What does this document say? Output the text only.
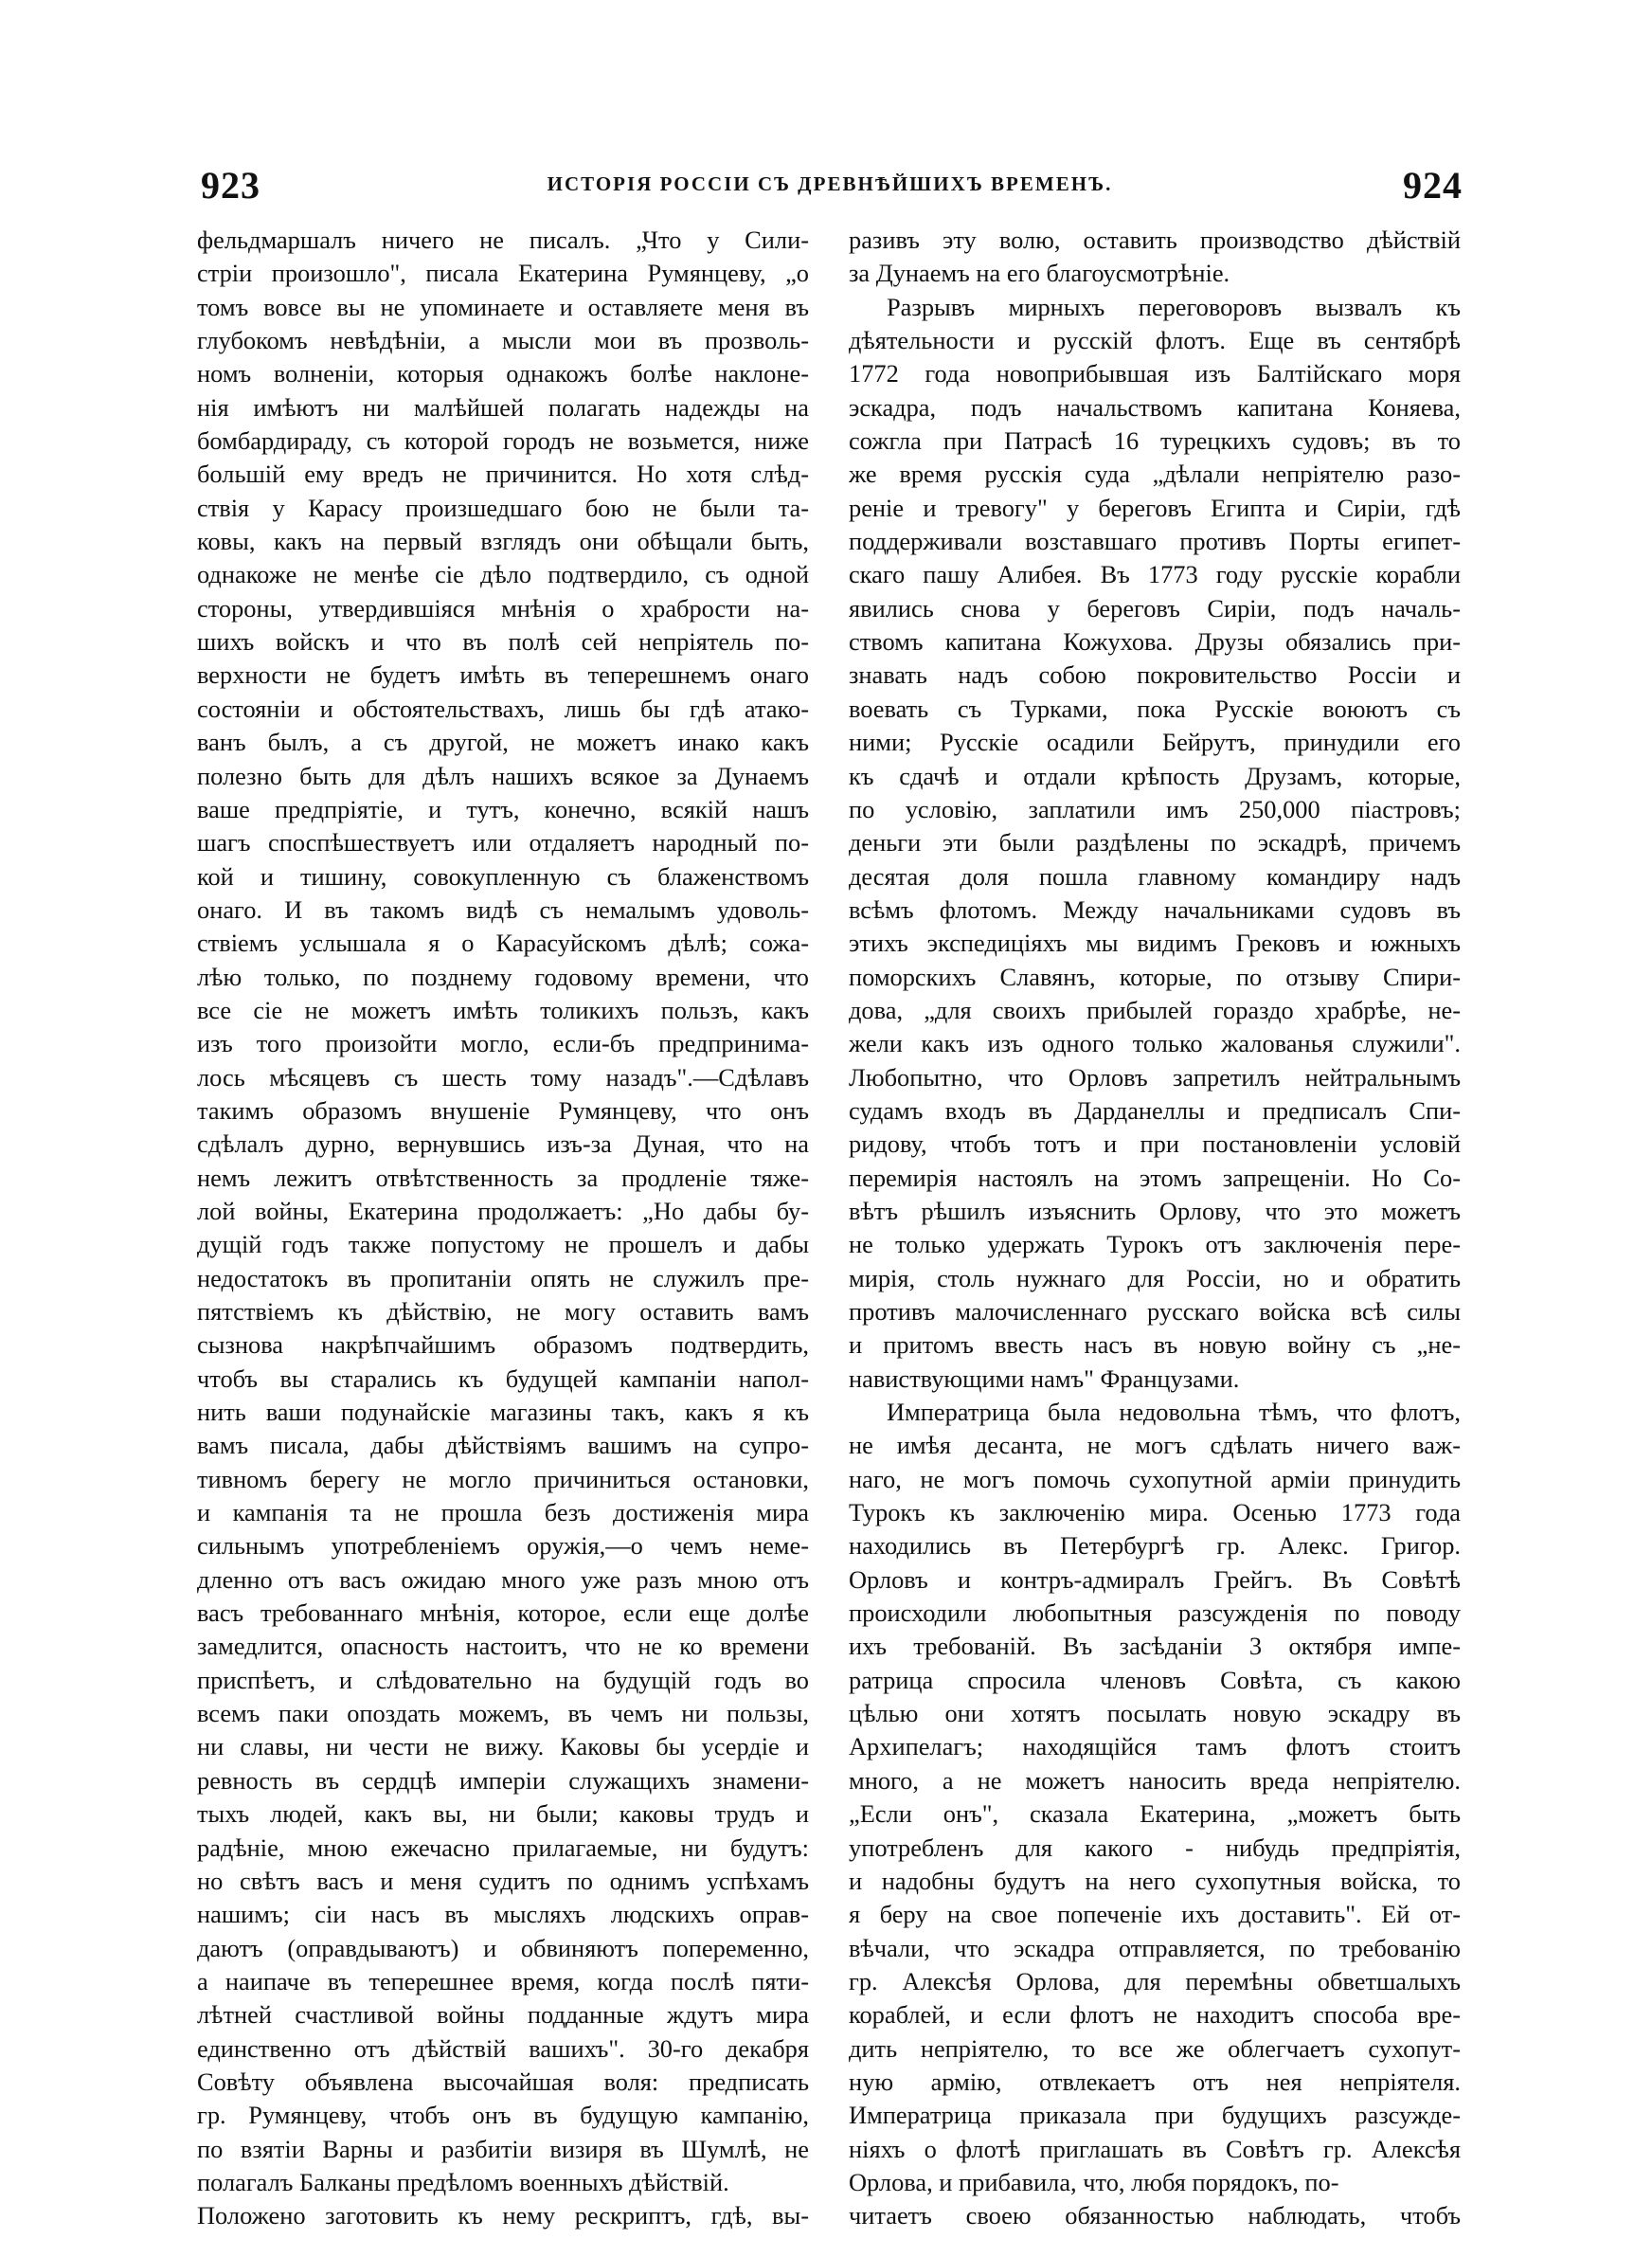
923	ИСТОРІЯ РОССІИ СЪ ДРЕВНѢЙШИХЪ ВРЕМЕНЪ.	924
фельдмаршалъ ничего не писалъ. „Что у Сили-
стріи произошло", писала Екатерина Румянцеву, „о
томъ вовсе вы не упоминаете и оставляете меня въ
глубокомъ невѣдѣніи, а мысли мои въ прозволь-
номъ волненіи, которыя однакожъ болѣе наклоне-
нія имѣютъ ни малѣйшей полагать надежды на
бомбардираду, съ которой городъ не возьмется, ниже
большій ему вредъ не причинится. Но хотя слѣд-
ствія у Карасу произшедшаго бою не были та-
ковы, какъ на первый взглядъ они обѣщали быть,
однакоже не менѣе сіе дѣло подтвердило, съ одной
стороны, утвердившіяся мнѣнія о храбрости на-
шихъ войскъ и что въ полѣ сей непріятель по-
верхности не будетъ имѣть въ теперешнемъ онаго
состояніи и обстоятельствахъ, лишь бы гдѣ атако-
ванъ былъ, а съ другой, не можетъ инако какъ
полезно быть для дѣлъ нашихъ всякое за Дунаемъ
ваше предпріятіе, и тутъ, конечно, всякій нашъ
шагъ споспѣшествуетъ или отдаляетъ народный по-
кой и тишину, совокупленную съ блаженствомъ
онаго. И въ такомъ видѣ съ немалымъ удоволь-
ствіемъ услышала я о Карасуйскомъ дѣлѣ; сожа-
лѣю только, по позднему годовому времени, что
все сіе не можетъ имѣть толикихъ пользъ, какъ
изъ того произойти могло, если-бъ предпринима-
лось мѣсяцевъ съ шесть тому назадъ".—Сдѣлавъ
такимъ образомъ внушеніе Румянцеву, что онъ
сдѣлалъ дурно, вернувшись изъ-за Дуная, что на
немъ лежитъ отвѣтственность за продленіе тяже-
лой войны, Екатерина продолжаетъ: „Но дабы бу-
дущій годъ также попустому не прошелъ и дабы
недостатокъ въ пропитаніи опять не служилъ пре-
пятствіемъ къ дѣйствію, не могу оставить вамъ
сызнова накрѣпчайшимъ образомъ подтвердить,
чтобъ вы старались къ будущей кампаніи напол-
нить ваши подунайскіе магазины такъ, какъ я къ
вамъ писала, дабы дѣйствіямъ вашимъ на супро-
тивномъ берегу не могло причиниться остановки,
и кампанія та не прошла безъ достиженія мира
сильнымъ употребленіемъ оружія,—о чемъ неме-
дленно отъ васъ ожидаю много уже разъ мною отъ
васъ требованнаго мнѣнія, которое, если еще долѣе
замедлится, опасность настоитъ, что не ко времени
приспѣетъ, и слѣдовательно на будущій годъ во
всемъ паки опоздать можемъ, въ чемъ ни пользы,
ни славы, ни чести не вижу. Каковы бы усердіе и
ревность въ сердцѣ имперіи служащихъ знамени-
тыхъ людей, какъ вы, ни были; каковы трудъ и
радѣніе, мною ежечасно прилагаемые, ни будутъ:
но свѣтъ васъ и меня судитъ по однимъ успѣхамъ
нашимъ; сіи насъ въ мысляхъ людскихъ оправ-
даютъ (оправдываютъ) и обвиняютъ попеременно,
а наипаче въ теперешнее время, когда послѣ пяти-
лѣтней счастливой войны подданные ждутъ мира
единственно отъ дѣйствій вашихъ". 30-го декабря
Совѣту объявлена высочайшая воля: предписать
гр. Румянцеву, чтобъ онъ въ будущую кампанію,
по взятіи Варны и разбитіи визиря въ Шумлѣ, не
полагалъ Балканы предѣломъ военныхъ дѣйствій.
Положено заготовить къ нему рескриптъ, гдѣ, вы-
разивъ эту волю, оставить производство дѣйствій
за Дунаемъ на его благоусмотрѣніе.
Разрывъ мирныхъ переговоровъ вызвалъ къ
дѣятельности и русскій флотъ. Еще въ сентябрѣ
1772 года новоприбывшая изъ Балтійскаго моря
эскадра, подъ начальствомъ капитана Коняева,
сожгла при Патрасѣ 16 турецкихъ судовъ; въ то
же время русскія суда „дѣлали непріятелю разо-
реніе и тревогу" у береговъ Египта и Сиріи, гдѣ
поддерживали возставшаго противъ Порты египет-
скаго пашу Алибея. Въ 1773 году русскіе корабли
явились снова у береговъ Сиріи, подъ началь-
ствомъ капитана Кожухова. Друзы обязались при-
знавать надъ собою покровительство Россіи и
воевать съ Турками, пока Русскіе воюютъ съ
ними; Русскіе осадили Бейрутъ, принудили его
къ сдачѣ и отдали крѣпость Друзамъ, которые,
по условію, заплатили имъ 250,000 піастровъ;
деньги эти были раздѣлены по эскадрѣ, причемъ
десятая доля пошла главному командиру надъ
всѣмъ флотомъ. Между начальниками судовъ въ
этихъ экспедиціяхъ мы видимъ Грековъ и южныхъ
поморскихъ Славянъ, которые, по отзыву Спири-
дова, „для своихъ прибылей гораздо храбрѣе, не-
жели какъ изъ одного только жалованья служили".
Любопытно, что Орловъ запретилъ нейтральнымъ
судамъ входъ въ Дарданеллы и предписалъ Спи-
ридову, чтобъ тотъ и при постановленіи условій
перемирія настоялъ на этомъ запрещеніи. Но Со-
вѣтъ рѣшилъ изъяснить Орлову, что это можетъ
не только удержать Турокъ отъ заключенія пере-
мирія, столь нужнаго для Россіи, но и обратить
противъ малочисленнаго русскаго войска всѣ силы
и притомъ ввесть насъ въ новую войну съ „не-
навиствующими намъ" Французами.
Императрица была недовольна тѣмъ, что флотъ,
не имѣя десанта, не могъ сдѣлать ничего важ-
наго, не могъ помочь сухопутной арміи принудить
Турокъ къ заключенію мира. Осенью 1773 года
находились въ Петербургѣ гр. Алекс. Григор.
Орловъ и контръ-адмиралъ Грейгъ. Въ Совѣтѣ
происходили любопытныя разсужденія по поводу
ихъ требованій. Въ засѣданіи 3 октября импе-
ратрица спросила членовъ Совѣта, съ какою
цѣлью они хотятъ посылать новую эскадру въ
Архипелагъ; находящійся тамъ флотъ стоитъ
много, а не можетъ наносить вреда непріятелю.
„Если онъ", сказала Екатерина, „можетъ быть
употребленъ для какого - нибудь предпріятія,
и надобны будутъ на него сухопутныя войска, то
я беру на свое попеченіе ихъ доставить". Ей от-
вѣчали, что эскадра отправляется, по требованію
гр. Алексѣя Орлова, для перемѣны обветшалыхъ
кораблей, и если флотъ не находитъ способа вре-
дить непріятелю, то все же облегчаетъ сухопут-
ную армію, отвлекаетъ отъ нея непріятеля.
Императрица приказала при будущихъ разсужде-
ніяхъ о флотѣ приглашать въ Совѣтъ гр. Алексѣя
Орлова, и прибавила, что, любя порядокъ, по-
читаетъ своею обязанностью наблюдать, чтобъ
